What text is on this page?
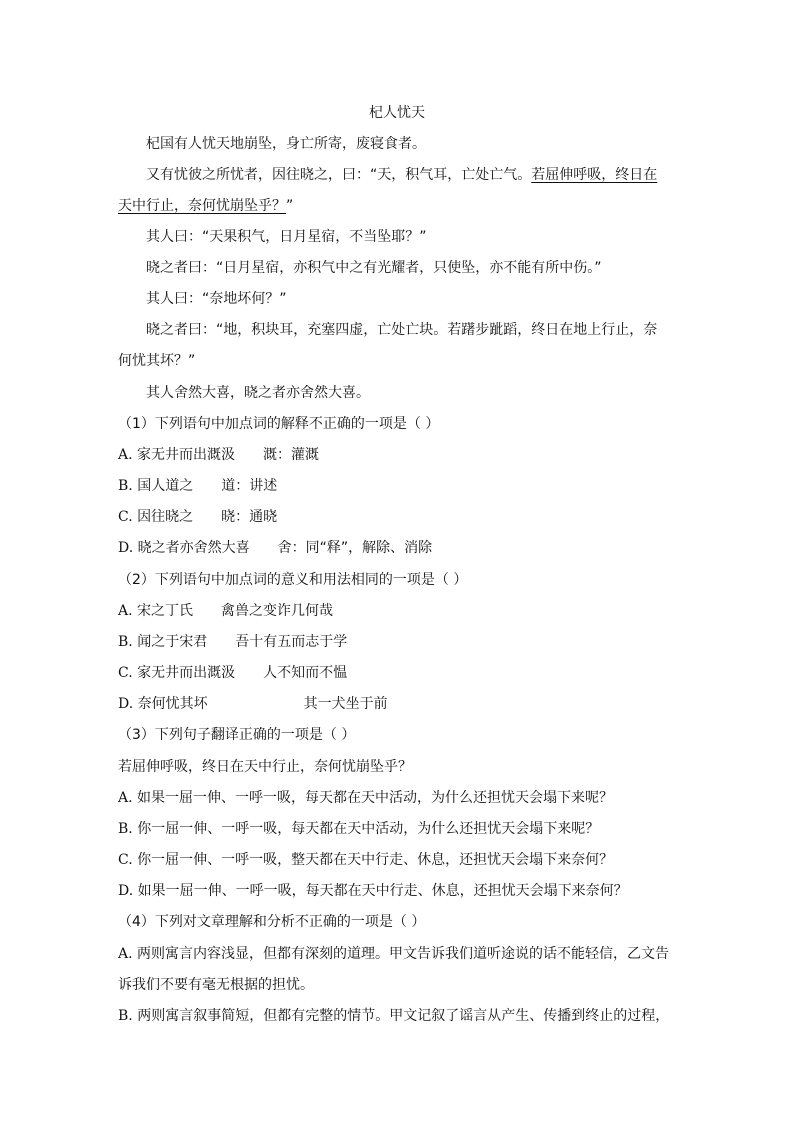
杞人忧天
杞国有人忧天地崩坠，身亡所寄，废寝食者。
又有忧彼之所忧者，因往晓之，曰：“天，积气耳，亡处亡气。若屈伸呼吸，终日在
天中行止，奈何忧崩坠乎？”
其人曰：“天果积气，日月星宿，不当坠耶？”
晓之者曰：“日月星宿，亦积气中之有光耀者，只使坠，亦不能有所中伤。”
其人曰：“奈地坏何？”
晓之者曰：“地，积块耳，充塞四虚，亡处亡块。若躇步跐蹈，终日在地上行止，奈
何忧其坏？”
其人舍然大喜，晓之者亦舍然大喜。
（1）下列语句中加点词的解释不正确的一项是（ ）
A. 家无井而出溉汲 溉：灌溉
B. 国人道之 道：讲述
C. 因往晓之 晓：通晓
D. 晓之者亦舍然大喜 舍：同“释”，解除、消除
（2）下列语句中加点词的意义和用法相同的一项是（ ）
A. 宋之丁氏 禽兽之变诈几何哉
B. 闻之于宋君 吾十有五而志于学
C. 家无井而出溉汲 人不知而不愠
D. 奈何忧其坏	其一犬坐于前
（3）下列句子翻译正确的一项是（ ）
若屈伸呼吸，终日在天中行止，奈何忧崩坠乎？
A. 如果一屈一伸、一呼一吸，每天都在天中活动，为什么还担忧天会塌下来呢？
B. 你一屈一伸、一呼一吸，每天都在天中活动，为什么还担忧天会塌下来呢？
C. 你一屈一伸、一呼一吸，整天都在天中行走、休息，还担忧天会塌下来奈何？
D. 如果一屈一伸、一呼一吸，每天都在天中行走、休息，还担忧天会塌下来奈何？
（4）下列对文章理解和分析不正确的一项是（ ）
A. 两则寓言内容浅显，但都有深刻的道理。甲文告诉我们道听途说的话不能轻信，乙文告
诉我们不要有毫无根据的担忧。
B. 两则寓言叙事简短，但都有完整的情节。甲文记叙了谣言从产生、传播到终止的过程，
